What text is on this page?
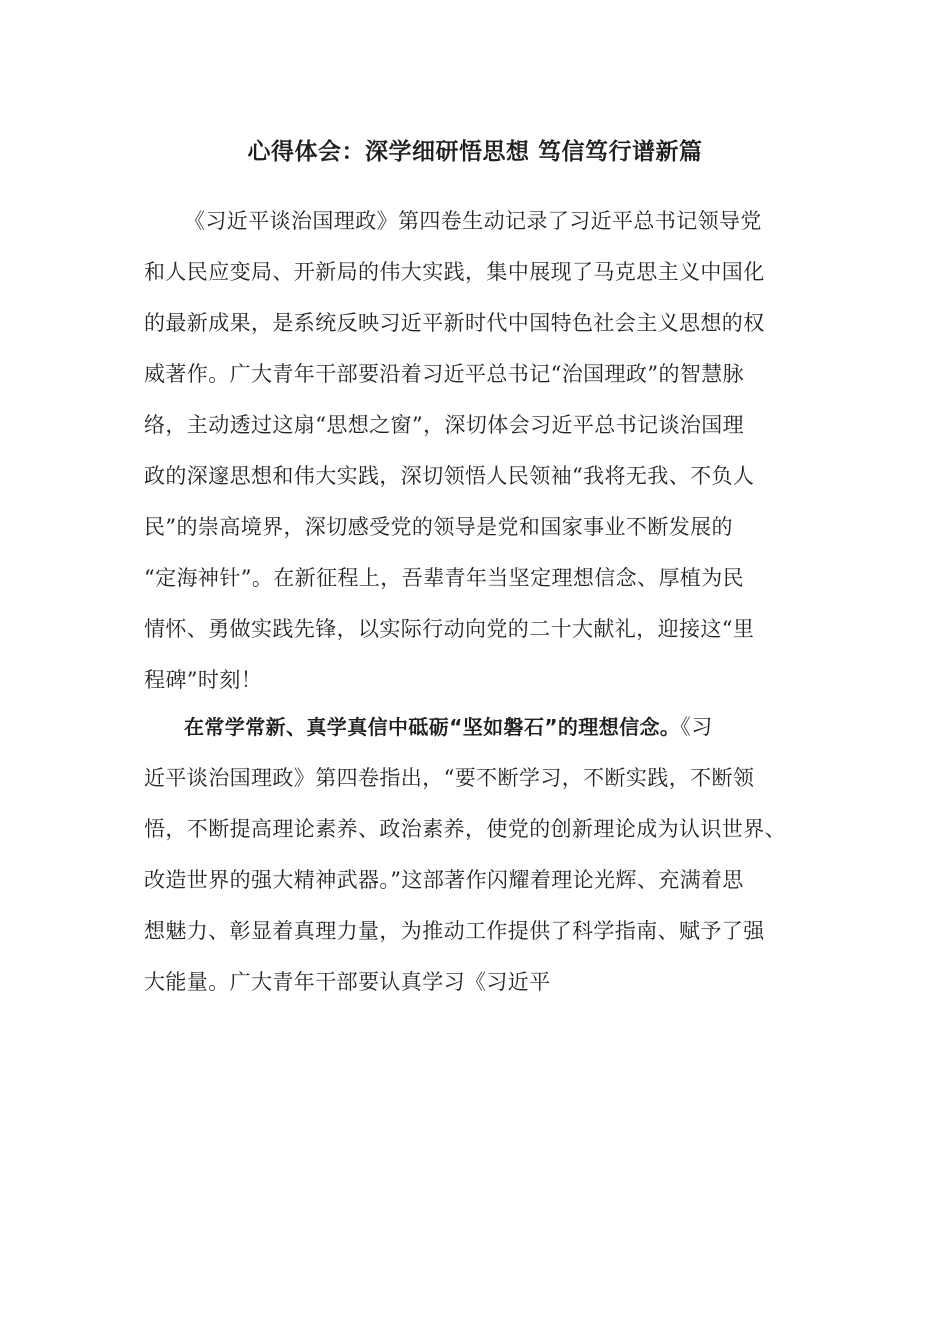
心得体会：深学细研悟思想 笃信笃行谱新篇
《习近平谈治国理政》第四卷生动记录了习近平总书记领导党
和人民应变局、开新局的伟大实践，集中展现了马克思主义中国化
的最新成果，是系统反映习近平新时代中国特色社会主义思想的权
威著作。广大青年干部要沿着习近平总书记“治国理政”的智慧脉
络，主动透过这扇“思想之窗”，深切体会习近平总书记谈治国理
政的深邃思想和伟大实践，深切领悟人民领袖“我将无我、不负人
民”的崇高境界，深切感受党的领导是党和国家事业不断发展的
“定海神针”。在新征程上，吾辈青年当坚定理想信念、厚植为民
情怀、勇做实践先锋，以实际行动向党的二十大献礼，迎接这“里
程碑”时刻！
在常学常新、真学真信中砥砺“坚如磐石”的理想信念。《习
近平谈治国理政》第四卷指出，“要不断学习，不断实践，不断领
悟，不断提高理论素养、政治素养，使党的创新理论成为认识世界、
改造世界的强大精神武器。”这部著作闪耀着理论光辉、充满着思
想魅力、彰显着真理力量，为推动工作提供了科学指南、赋予了强
大能量。广大青年干部要认真学习《习近平
